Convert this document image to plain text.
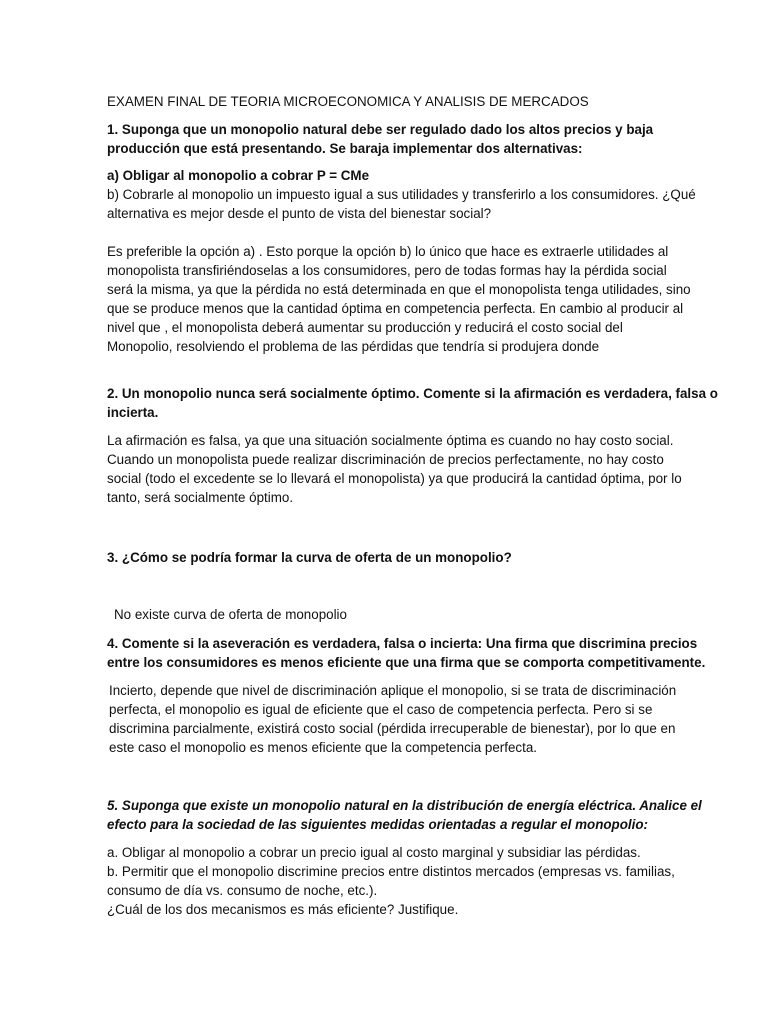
EXAMEN FINAL DE TEORIA MICROECONOMICA Y ANALISIS DE MERCADOS
1. Suponga que un monopolio natural debe ser regulado dado los altos precios y baja
producción que está presentando. Se baraja implementar dos alternativas:
a) Obligar al monopolio a cobrar P = CMe
b) Cobrarle al monopolio un impuesto igual a sus utilidades y transferirlo a los consumidores. ¿Qué
alternativa es mejor desde el punto de vista del bienestar social?
Es preferible la opción a) . Esto porque la opción b) lo único que hace es extraerle utilidades al
monopolista transfiriéndoselas a los consumidores, pero de todas formas hay la pérdida social
será la misma, ya que la pérdida no está determinada en que el monopolista tenga utilidades, sino
que se produce menos que la cantidad óptima en competencia perfecta. En cambio al producir al
nivel que , el monopolista deberá aumentar su producción y reducirá el costo social del
Monopolio, resolviendo el problema de las pérdidas que tendría si produjera donde
2. Un monopolio nunca será socialmente óptimo. Comente si la afirmación es verdadera, falsa o
incierta.
La afirmación es falsa, ya que una situación socialmente óptima es cuando no hay costo social.
Cuando un monopolista puede realizar discriminación de precios perfectamente, no hay costo
social (todo el excedente se lo llevará el monopolista) ya que producirá la cantidad óptima, por lo
tanto, será socialmente óptimo.
3. ¿Cómo se podría formar la curva de oferta de un monopolio?
No existe curva de oferta de monopolio
4. Comente si la aseveración es verdadera, falsa o incierta: Una firma que discrimina precios
entre los consumidores es menos eficiente que una firma que se comporta competitivamente.
Incierto, depende que nivel de discriminación aplique el monopolio, si se trata de discriminación
perfecta, el monopolio es igual de eficiente que el caso de competencia perfecta. Pero si se
discrimina parcialmente, existirá costo social (pérdida irrecuperable de bienestar), por lo que en
este caso el monopolio es menos eficiente que la competencia perfecta.
5. Suponga que existe un monopolio natural en la distribución de energía eléctrica. Analice el
efecto para la sociedad de las siguientes medidas orientadas a regular el monopolio:
a. Obligar al monopolio a cobrar un precio igual al costo marginal y subsidiar las pérdidas.
b. Permitir que el monopolio discrimine precios entre distintos mercados (empresas vs. familias,
consumo de día vs. consumo de noche, etc.).
¿Cuál de los dos mecanismos es más eficiente? Justifique.
